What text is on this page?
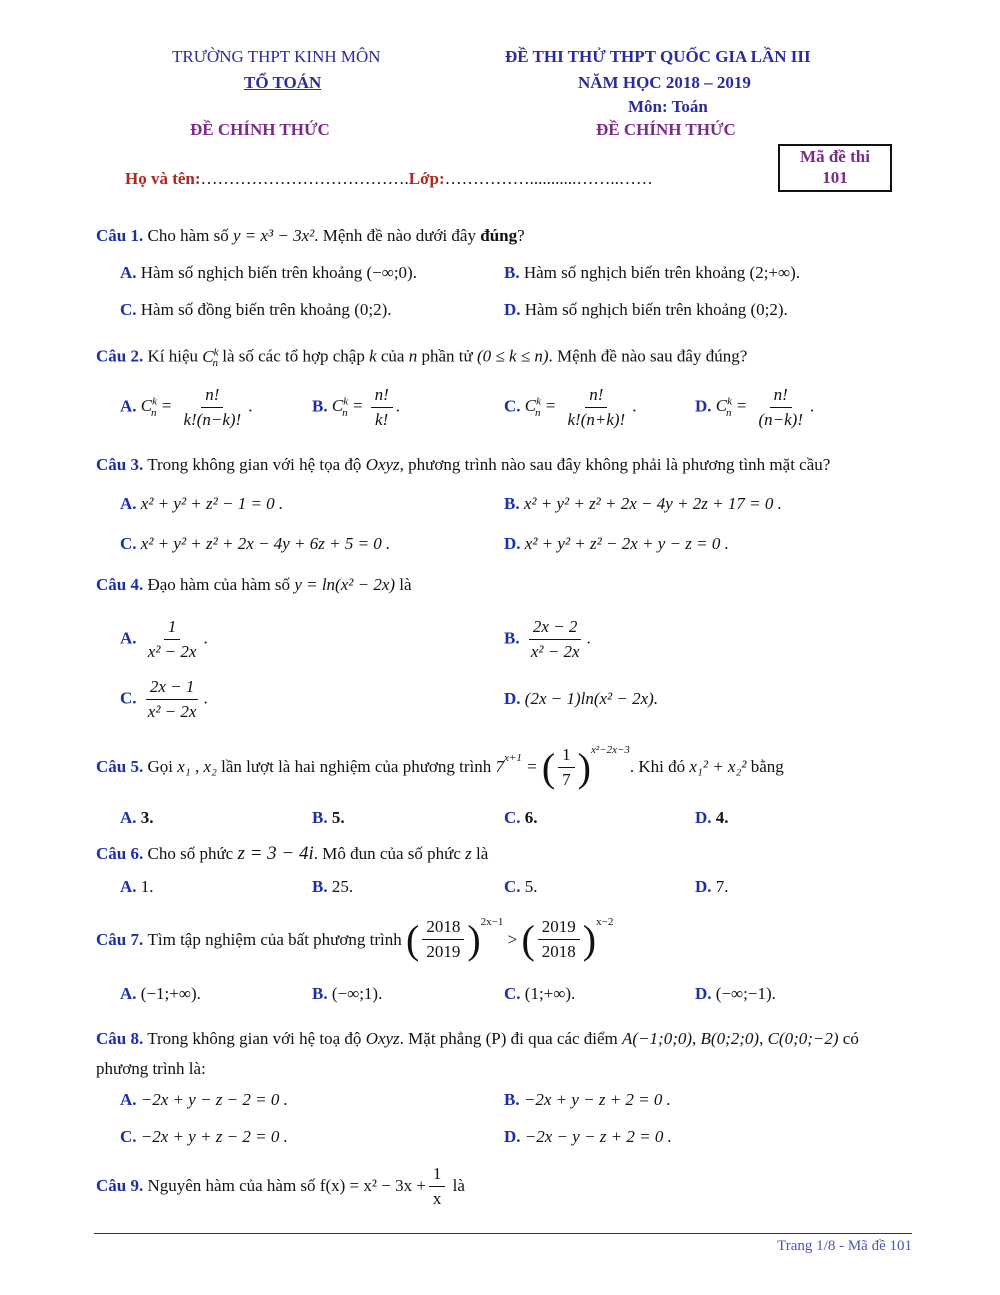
TRƯỜNG THPT KINH MÔN
TỔ TOÁN
ĐỀ CHÍNH THỨC
ĐỀ THI THỬ THPT QUỐC GIA LẦN III
NĂM HỌC 2018 – 2019
Môn: Toán
ĐỀ CHÍNH THỨC
Họ và tên:……………………………….Lớp:……………...........……..……
Mã đề thi
101
Câu 1. Cho hàm số y = x³ − 3x². Mệnh đề nào dưới đây đúng?
A. Hàm số nghịch biến trên khoảng (−∞;0).	B. Hàm số nghịch biến trên khoảng (2;+∞).
C. Hàm số đồng biến trên khoảng (0;2).	D. Hàm số nghịch biến trên khoảng (0;2).
Câu 2. Kí hiệu $C^k_n$ là số các tổ hợp chập k của n phần tử (0 ≤ k ≤ n). Mệnh đề nào sau đây đúng?
A. $C^k_n = \frac{n!}{k!(n-k)!}$ .	B. $C^k_n = \frac{n!}{k!}$ .	C. $C^k_n = \frac{n!}{k!(n+k)!}$ .	D. $C^k_n = \frac{n!}{(n-k)!}$ .
Câu 3. Trong không gian với hệ tọa độ Oxyz, phương trình nào sau đây không phải là phương tình mặt cầu?
A. x² + y² + z² − 1 = 0 .	B. x² + y² + z² + 2x − 4y + 2z + 17 = 0 .
C. x² + y² + z² + 2x − 4y + 6z + 5 = 0 .	D. x² + y² + z² − 2x + y − z = 0 .
Câu 4. Đạo hàm của hàm số y = ln(x² − 2x) là
A. $\frac{1}{\text{x² − 2x}}$ .	B. $\frac{2x - 2}{\text{x² − 2x}}$ .
C. $\frac{2x - 1}{\text{x² − 2x}}$ .	D. (2x − 1)ln(x² − 2x).
Câu 5.
Gọi
x₁ , x₂
lần lượt là hai nghiệm của phương trình
$7^{x+1}$ = ( $\frac{1}{7} )^{x^2-2x-3}$
. Khi đó
x₁² + x₂²
bằng
A. 3.	B. 5.	C. 6.	D. 4.
Câu 6. Cho số phức z = 3 − 4i. Mô đun của số phức z là
A. 1.	B. 25.	C. 5.	D. 7.
Câu 7.
Tìm tập nghiệm của bất phương trình
( $\frac{2018}{2019} )^{2x-1}$

>
( $\frac{2019}{2018} )^{x-2}$
A. (−1;+∞).	B. (−∞;1).	C. (1;+∞).	D. (−∞;−1).
Câu 8. Trong không gian với hệ toạ độ Oxyz. Mặt phẳng (P) đi qua các điểm A(−1;0;0), B(0;2;0), C(0;0;−2) có phương trình là:
A. −2x + y − z − 2 = 0 .	B. −2x + y − z + 2 = 0 .
C. −2x + y + z − 2 = 0 .	D. −2x − y − z + 2 = 0 .
Câu 9.
Nguyên hàm của hàm số
$f(x) = x^2 - 3x + \frac{1}{x}$
là
Trang 1/8 - Mã đề 101
